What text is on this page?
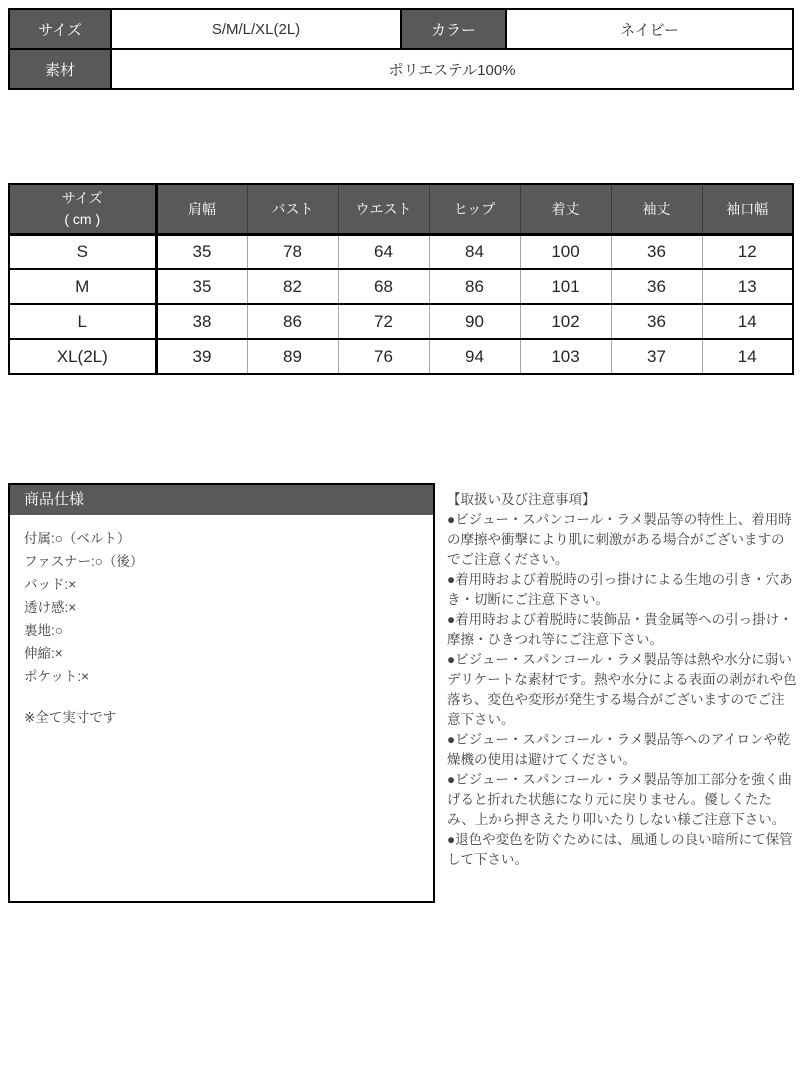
サイズ	S/M/L/XL(2L)	カラー	ネイビー
素材	ポリエステル100%		
サイズ
( cm )	肩幅	バスト	ウエスト	ヒップ	着丈	袖丈	袖口幅
S	35	78	64	84	100	36	12
M	35	82	68	86	101	36	13
L	38	86	72	90	102	36	14
XL(2L)	39	89	76	94	103	37	14
商品仕様
付属:○（ベルト）
ファスナー:○（後）
パッド:×
透け感:×
裏地:○
伸縮:×
ポケット:×
※全て実寸です
【取扱い及び注意事項】
●ビジュー・スパンコール・ラメ製品等の特性上、着用時の摩擦や衝撃により肌に刺激がある場合がございますのでご注意ください。
●着用時および着脱時の引っ掛けによる生地の引き・穴あき・切断にご注意下さい。
●着用時および着脱時に装飾品・貴金属等への引っ掛け・摩擦・ひきつれ等にご注意下さい。
●ビジュー・スパンコール・ラメ製品等は熱や水分に弱いデリケートな素材です。熱や水分による表面の剥がれや色落ち、変色や変形が発生する場合がございますのでご注意下さい。
●ビジュー・スパンコール・ラメ製品等へのアイロンや乾燥機の使用は避けてください。
●ビジュー・スパンコール・ラメ製品等加工部分を強く曲げると折れた状態になり元に戻りません。優しくたたみ、上から押さえたり叩いたりしない様ご注意下さい。
●退色や変色を防ぐためには、風通しの良い暗所にて保管して下さい。
